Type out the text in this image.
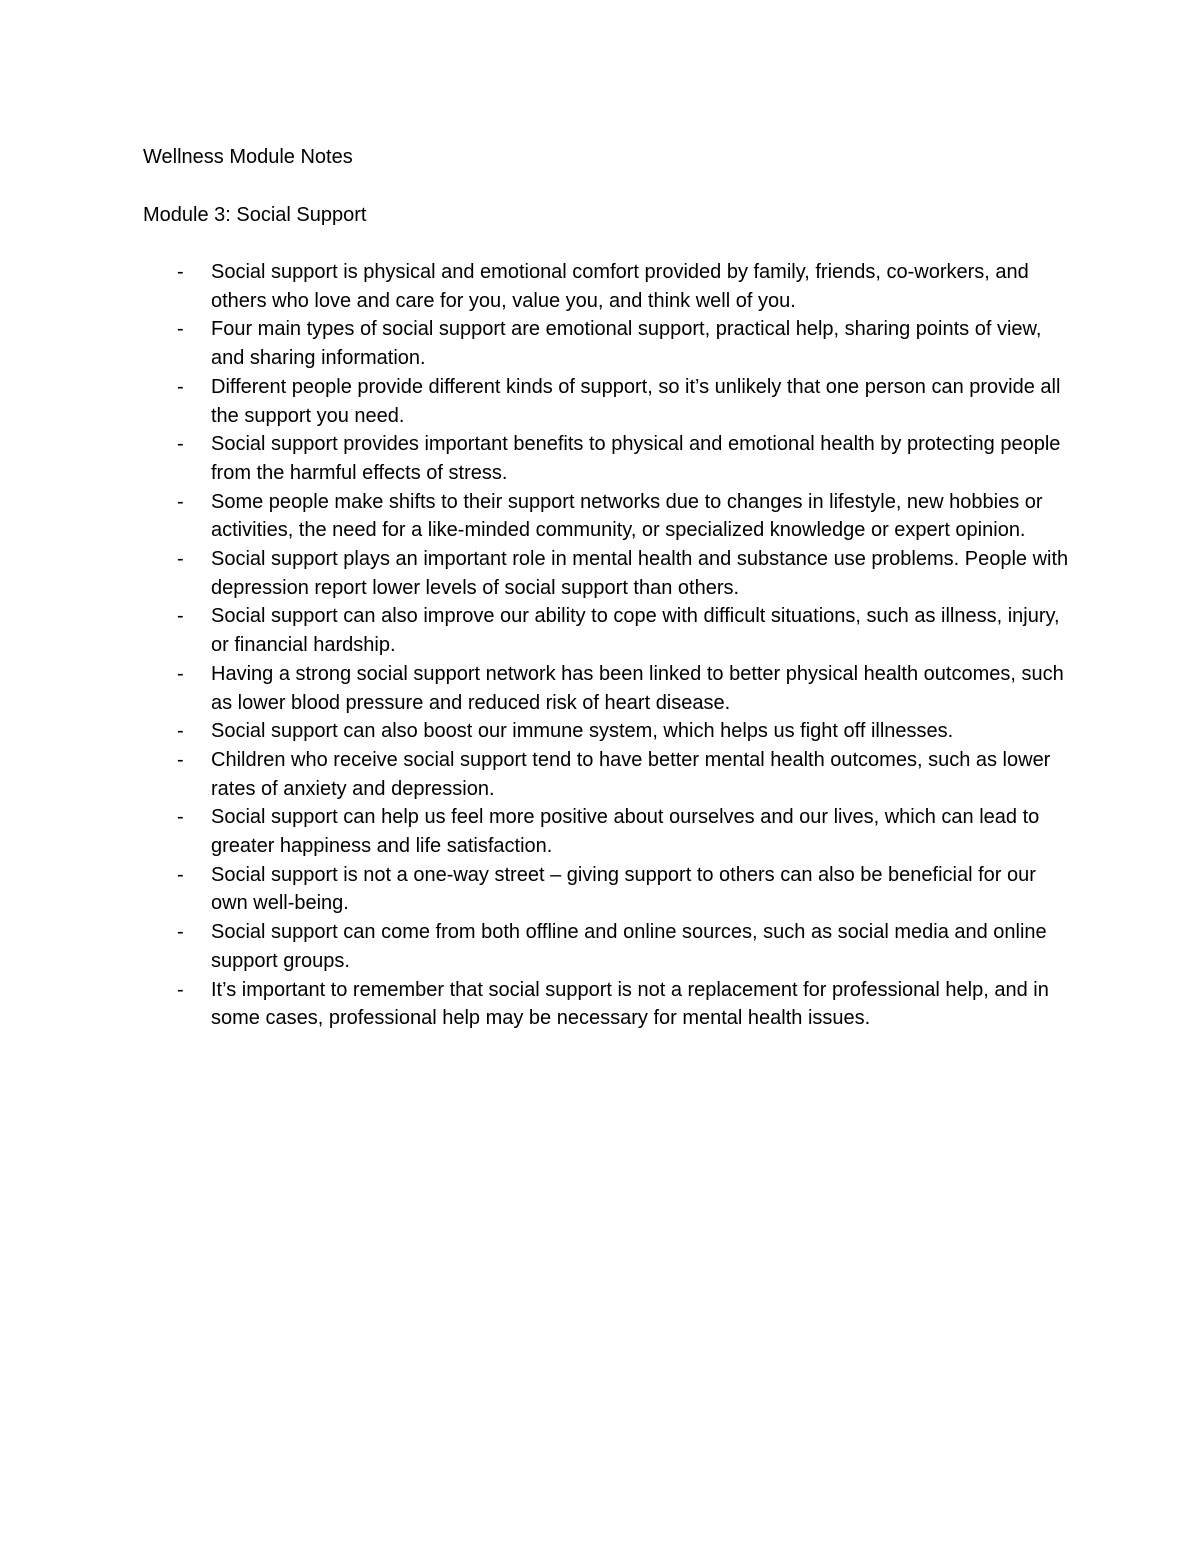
Wellness Module Notes
Module 3: Social Support
- Social support is physical and emotional comfort provided by family, friends, co-workers, and others who love and care for you, value you, and think well of you.
- Four main types of social support are emotional support, practical help, sharing points of view, and sharing information.
- Different people provide different kinds of support, so it’s unlikely that one person can provide all the support you need.
- Social support provides important benefits to physical and emotional health by protecting people from the harmful effects of stress.
- Some people make shifts to their support networks due to changes in lifestyle, new hobbies or activities, the need for a like-minded community, or specialized knowledge or expert opinion.
- Social support plays an important role in mental health and substance use problems. People with depression report lower levels of social support than others.
- Social support can also improve our ability to cope with difficult situations, such as illness, injury, or financial hardship.
- Having a strong social support network has been linked to better physical health outcomes, such as lower blood pressure and reduced risk of heart disease.
- Social support can also boost our immune system, which helps us fight off illnesses.
- Children who receive social support tend to have better mental health outcomes, such as lower rates of anxiety and depression.
- Social support can help us feel more positive about ourselves and our lives, which can lead to greater happiness and life satisfaction.
- Social support is not a one-way street – giving support to others can also be beneficial for our own well-being.
- Social support can come from both offline and online sources, such as social media and online support groups.
- It’s important to remember that social support is not a replacement for professional help, and in some cases, professional help may be necessary for mental health issues.
